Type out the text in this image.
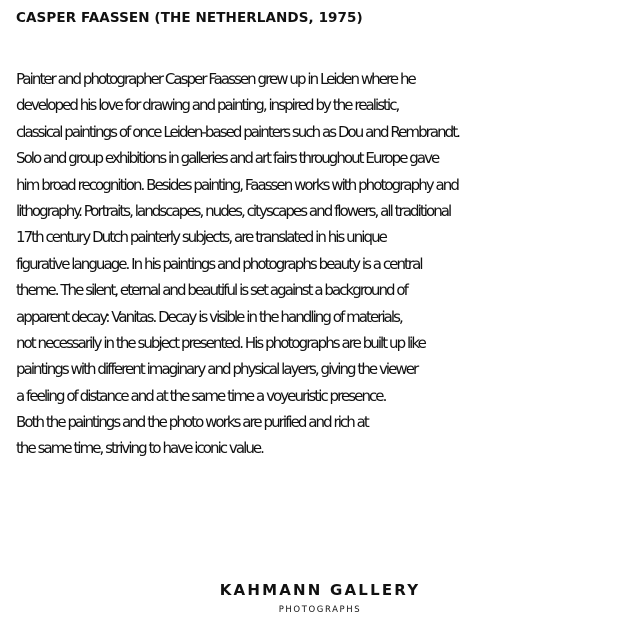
CASPER FAASSEN (THE NETHERLANDS, 1975)
Painter and photographer Casper Faassen grew up in Leiden where he
developed his love for drawing and painting, inspired by the realistic,
classical paintings of once Leiden-based painters such as Dou and Rembrandt.
Solo and group exhibitions in galleries and art fairs throughout Europe gave
him broad recognition. Besides painting, Faassen works with photography and
lithography. Portraits, landscapes, nudes, cityscapes and flowers, all traditional
17th century Dutch painterly subjects, are translated in his unique
figurative language. In his paintings and photographs beauty is a central
theme. The silent, eternal and beautiful is set against a background of
apparent decay: Vanitas. Decay is visible in the handling of materials,
not necessarily in the subject presented. His photographs are built up like
paintings with different imaginary and physical layers, giving the viewer
a feeling of distance and at the same time a voyeuristic presence.
Both the paintings and the photo works are purified and rich at
the same time, striving to have iconic value.
KAHMANN GALLERY
PHOTOGRAPHS
